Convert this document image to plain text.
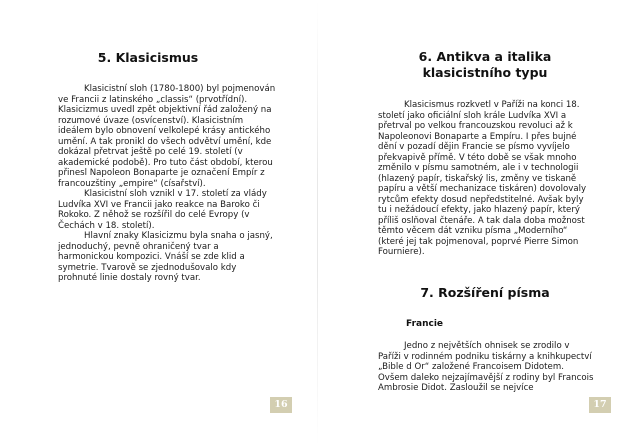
5. Klasicismus

Klasicistní sloh (1780-1800) byl pojmenován ve Francii z latinského „classis“ (prvotřídní). Klasicizmus uvedl zpět objektivní řád založený na rozumové úvaze (osvícenství). Klasicistním ideálem bylo obnovení velkolepé krásy antického umění. A tak pronikl do všech odvětví umění, kde dokázal přetrvat ještě po celé 19. století (v akademické podobě). Pro tuto část období, kterou přinesl Napoleon Bonaparte je označení Empír z francouzštiny „empire“ (císařství).

Klasicistní sloh vznikl v 17. století za vlády Ludvíka XVI ve Francii jako reakce na Baroko či Rokoko. Z něhož se rozšířil do celé Evropy (v Čechách v 18. století).

Hlavní znaky Klasicizmu byla snaha o jasný, jednoduchý, pevně ohraničený tvar a harmonickou kompozici. Vnáší se zde klid a symetrie. Tvarově se zjednodušovalo kdy prohnuté linie dostaly rovný tvar.

16
6. Antikva a italika
klasicistního typu

Klasicismus rozkvetl v Paříži na konci 18. století jako oficiální sloh krále Ludvíka XVI a přetrval po velkou francouzskou revoluci až k Napoleonovi Bonaparte a Empíru. I přes bujné dění v pozadí dějin Francie se písmo vyvíjelo překvapivě přímě. V této době se však mnoho změnilo v písmu samotném, ale i v technologii (hlazený papír, tiskařský lis, změny ve tiskaně papíru a větší mechanizace tiskáren) dovolovaly rytcům efekty dosud nepředstitelné. Avšak byly tu i nežádoucí efekty, jako hlazený papír, který příliš oslňoval čtenáře. A tak dala doba možnost těmto věcem dát vzniku písma „Moderního“ (které jej tak pojmenoval, poprvé Pierre Simon Fourniere).

7. Rozšíření písma
Francie

Jedno z největších ohnisek se zrodilo v Paříži v rodinném podniku tiskárny a knihkupectví „Bible d Or“ založené Francoisem Didotem. Ovšem daleko nejzajímavější z rodiny byl Francois Ambrosie Didot. Zasloužil se nejvíce

17
